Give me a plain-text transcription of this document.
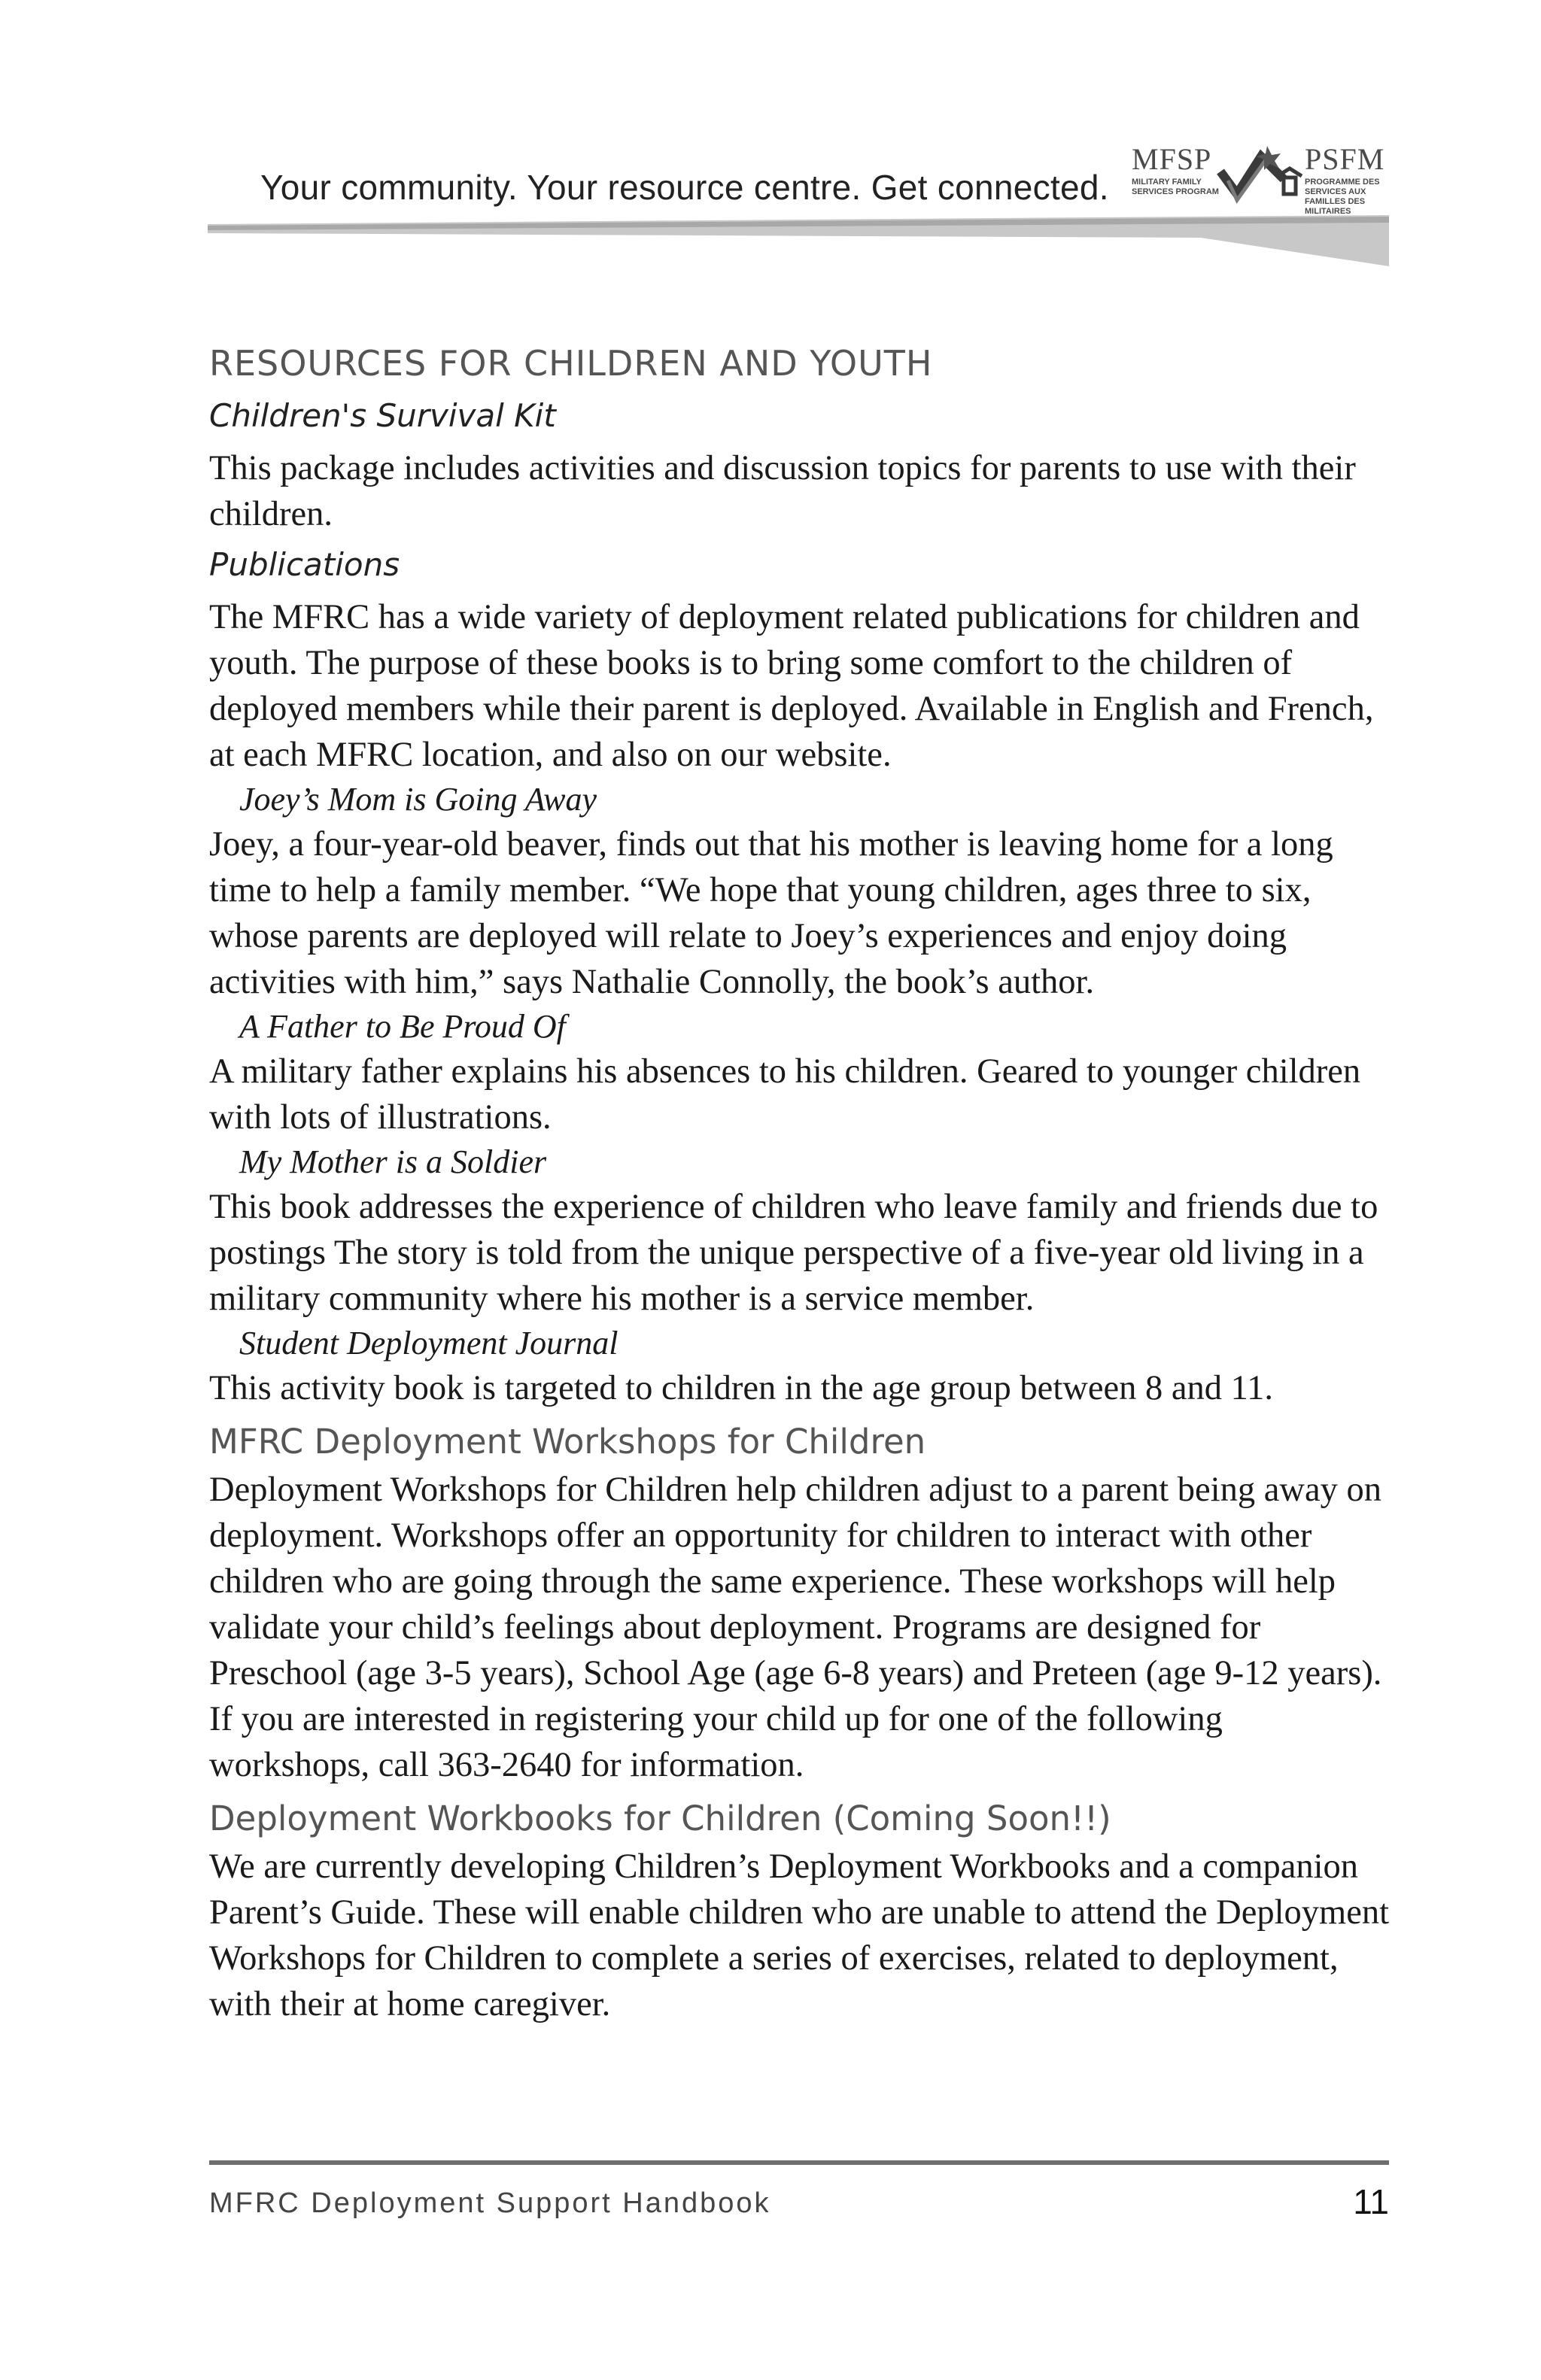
Your community. Your resource centre. Get connected.
MFSP
MILITARY FAMILY SERVICES PROGRAM
PSFM
PROGRAMME DES SERVICES AUX FAMILLES DES MILITAIRES
RESOURCES FOR CHILDREN AND YOUTH
Children's Survival Kit

This package includes activities and discussion topics for parents to use with their children.

Publications

The MFRC has a wide variety of deployment related publications for children and youth. The purpose of these books is to bring some comfort to the children of deployed members while their parent is deployed. Available in English and French, at each MFRC location, and also on our website.

Joey’s Mom is Going Away

Joey, a four-year-old beaver, finds out that his mother is leaving home for a long time to help a family member. “We hope that young children, ages three to six, whose parents are deployed will relate to Joey’s experiences and enjoy doing activities with him,” says Nathalie Connolly, the book’s author.

A Father to Be Proud Of

A military father explains his absences to his children. Geared to younger children with lots of illustrations.

My Mother is a Soldier

This book addresses the experience of children who leave family and friends due to postings The story is told from the unique perspective of a five-year old living in a military community where his mother is a service member.

Student Deployment Journal

This activity book is targeted to children in the age group between 8 and 11.

MFRC Deployment Workshops for Children

Deployment Workshops for Children help children adjust to a parent being away on deployment. Workshops offer an opportunity for children to interact with other children who are going through the same experience. These workshops will help validate your child’s feelings about deployment. Programs are designed for Preschool (age 3-5 years), School Age (age 6-8 years) and Preteen (age 9-12 years). If you are interested in registering your child up for one of the following workshops, call 363-2640 for information.

Deployment Workbooks for Children (Coming Soon!!)

We are currently developing Children’s Deployment Workbooks and a companion Parent’s Guide. These will enable children who are unable to attend the Deployment Workshops for Children to complete a series of exercises, related to deployment, with their at home caregiver.

MFRC Deployment Support Handbook	11
